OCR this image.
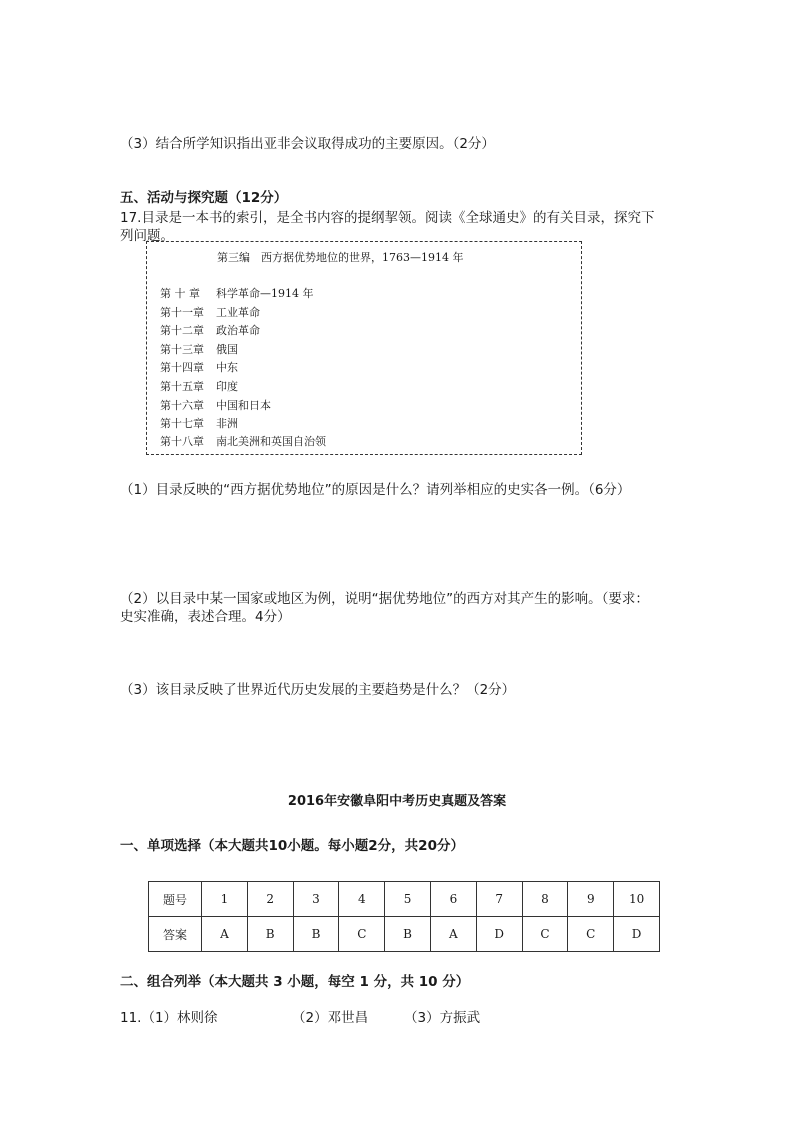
（3）结合所学知识指出亚非会议取得成功的主要原因。（2分）
五、活动与探究题（12分）
17.目录是一本书的索引，是全书内容的提纲挈领。阅读《全球通史》的有关目录，探究下
列问题。
第三编　西方据优势地位的世界，1763—1914 年
第 十 章 科学革命—1914 年
第十一章 工业革命
第十二章 政治革命
第十三章 俄国
第十四章 中东
第十五章 印度
第十六章 中国和日本
第十七章 非洲
第十八章 南北美洲和英国自治领
（1）目录反映的“西方据优势地位”的原因是什么？请列举相应的史实各一例。（6分）
（2）以目录中某一国家或地区为例，说明“据优势地位”的西方对其产生的影响。（要求：
史实准确，表述合理。4分）
（3）该目录反映了世界近代历史发展的主要趋势是什么？（2分）
2016年安徽阜阳中考历史真题及答案
一、单项选择（本大题共10小题。每小题2分，共20分）
题号	1	2	3	4	5	6	7	8	9	10
答案	A	B	B	C	B	A	D	C	C	D
二、组合列举（本大题共 3 小题，每空 1 分，共 10 分）
11.（1）林则徐	（2）邓世昌	（3）方振武
